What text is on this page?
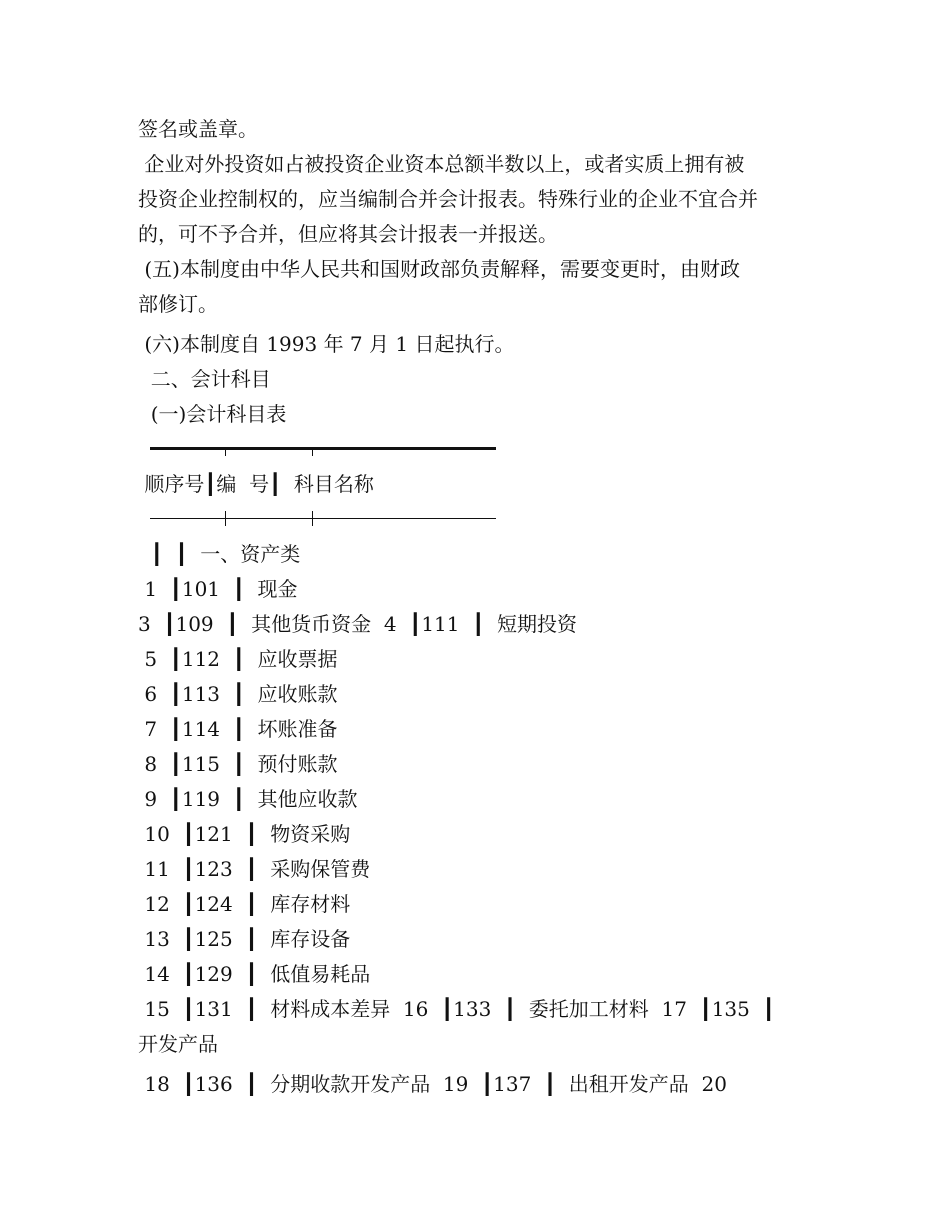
签名或盖章。
企业对外投资如占被投资企业资本总额半数以上，或者实质上拥有被
投资企业控制权的，应当编制合并会计报表。特殊行业的企业不宜合并
的，可不予合并，但应将其会计报表一并报送。
(五)本制度由中华人民共和国财政部负责解释，需要变更时，由财政
部修订。
(六)本制度自 1993 年 7 月 1 日起执行。
二、会计科目
(一)会计科目表
顺序号┃编  号┃  科目名称
┃  ┃  一、资产类
1  ┃101  ┃  现金
3  ┃109  ┃  其他货币资金  4  ┃111  ┃  短期投资
5  ┃112  ┃  应收票据
6  ┃113  ┃  应收账款
7  ┃114  ┃  坏账准备
8  ┃115  ┃  预付账款
9  ┃119  ┃  其他应收款
10  ┃121  ┃  物资采购
11  ┃123  ┃  采购保管费
12  ┃124  ┃  库存材料
13  ┃125  ┃  库存设备
14  ┃129  ┃  低值易耗品
15  ┃131  ┃  材料成本差异  16  ┃133  ┃  委托加工材料  17  ┃135  ┃
开发产品
18  ┃136  ┃  分期收款开发产品  19  ┃137  ┃  出租开发产品  20
